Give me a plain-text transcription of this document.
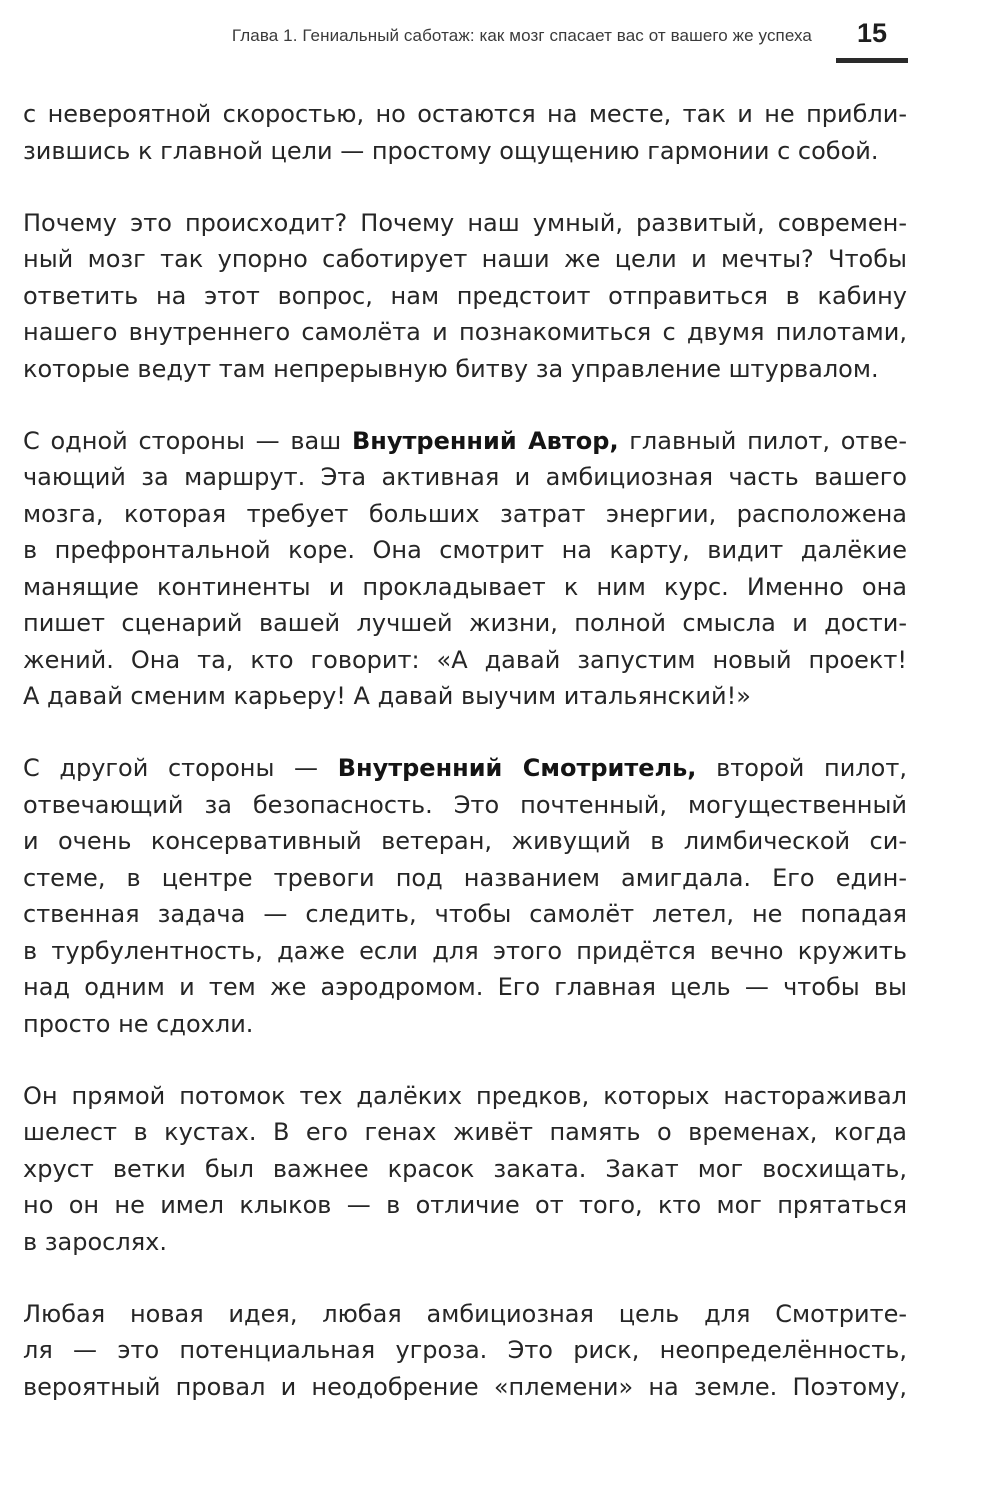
Глава 1. Гениальный саботаж: как мозг спасает вас от вашего же успеха	15

с невероятной скоростью, но остаются на месте, так и не прибли-
зившись к главной цели — простому ощущению гармонии с собой.

Почему это происходит? Почему наш умный, развитый, современ-
ный мозг так упорно саботирует наши же цели и мечты? Чтобы
ответить на этот вопрос, нам предстоит отправиться в кабину
нашего внутреннего самолёта и познакомиться с двумя пилотами,
которые ведут там непрерывную битву за управление штурвалом.

С одной стороны — ваш Внутренний Автор, главный пилот, отве-
чающий за маршрут. Эта активная и амбициозная часть вашего
мозга, которая требует больших затрат энергии, расположена
в префронтальной коре. Она смотрит на карту, видит далёкие
манящие континенты и прокладывает к ним курс. Именно она
пишет сценарий вашей лучшей жизни, полной смысла и дости-
жений. Она та, кто говорит: «А давай запустим новый проект!
А давай сменим карьеру! А давай выучим итальянский!»

С другой стороны — Внутренний Смотритель, второй пилот,
отвечающий за безопасность. Это почтенный, могущественный
и очень консервативный ветеран, живущий в лимбической си-
стеме, в центре тревоги под названием амигдала. Его един-
ственная задача — следить, чтобы самолёт летел, не попадая
в турбулентность, даже если для этого придётся вечно кружить
над одним и тем же аэродромом. Его главная цель — чтобы вы
просто не сдохли.

Он прямой потомок тех далёких предков, которых настораживал
шелест в кустах. В его генах живёт память о временах, когда
хруст ветки был важнее красок заката. Закат мог восхищать,
но он не имел клыков — в отличие от того, кто мог прятаться
в зарослях.

Любая новая идея, любая амбициозная цель для Смотрите-
ля — это потенциальная угроза. Это риск, неопределённость,
вероятный провал и неодобрение «племени» на земле. Поэтому,
